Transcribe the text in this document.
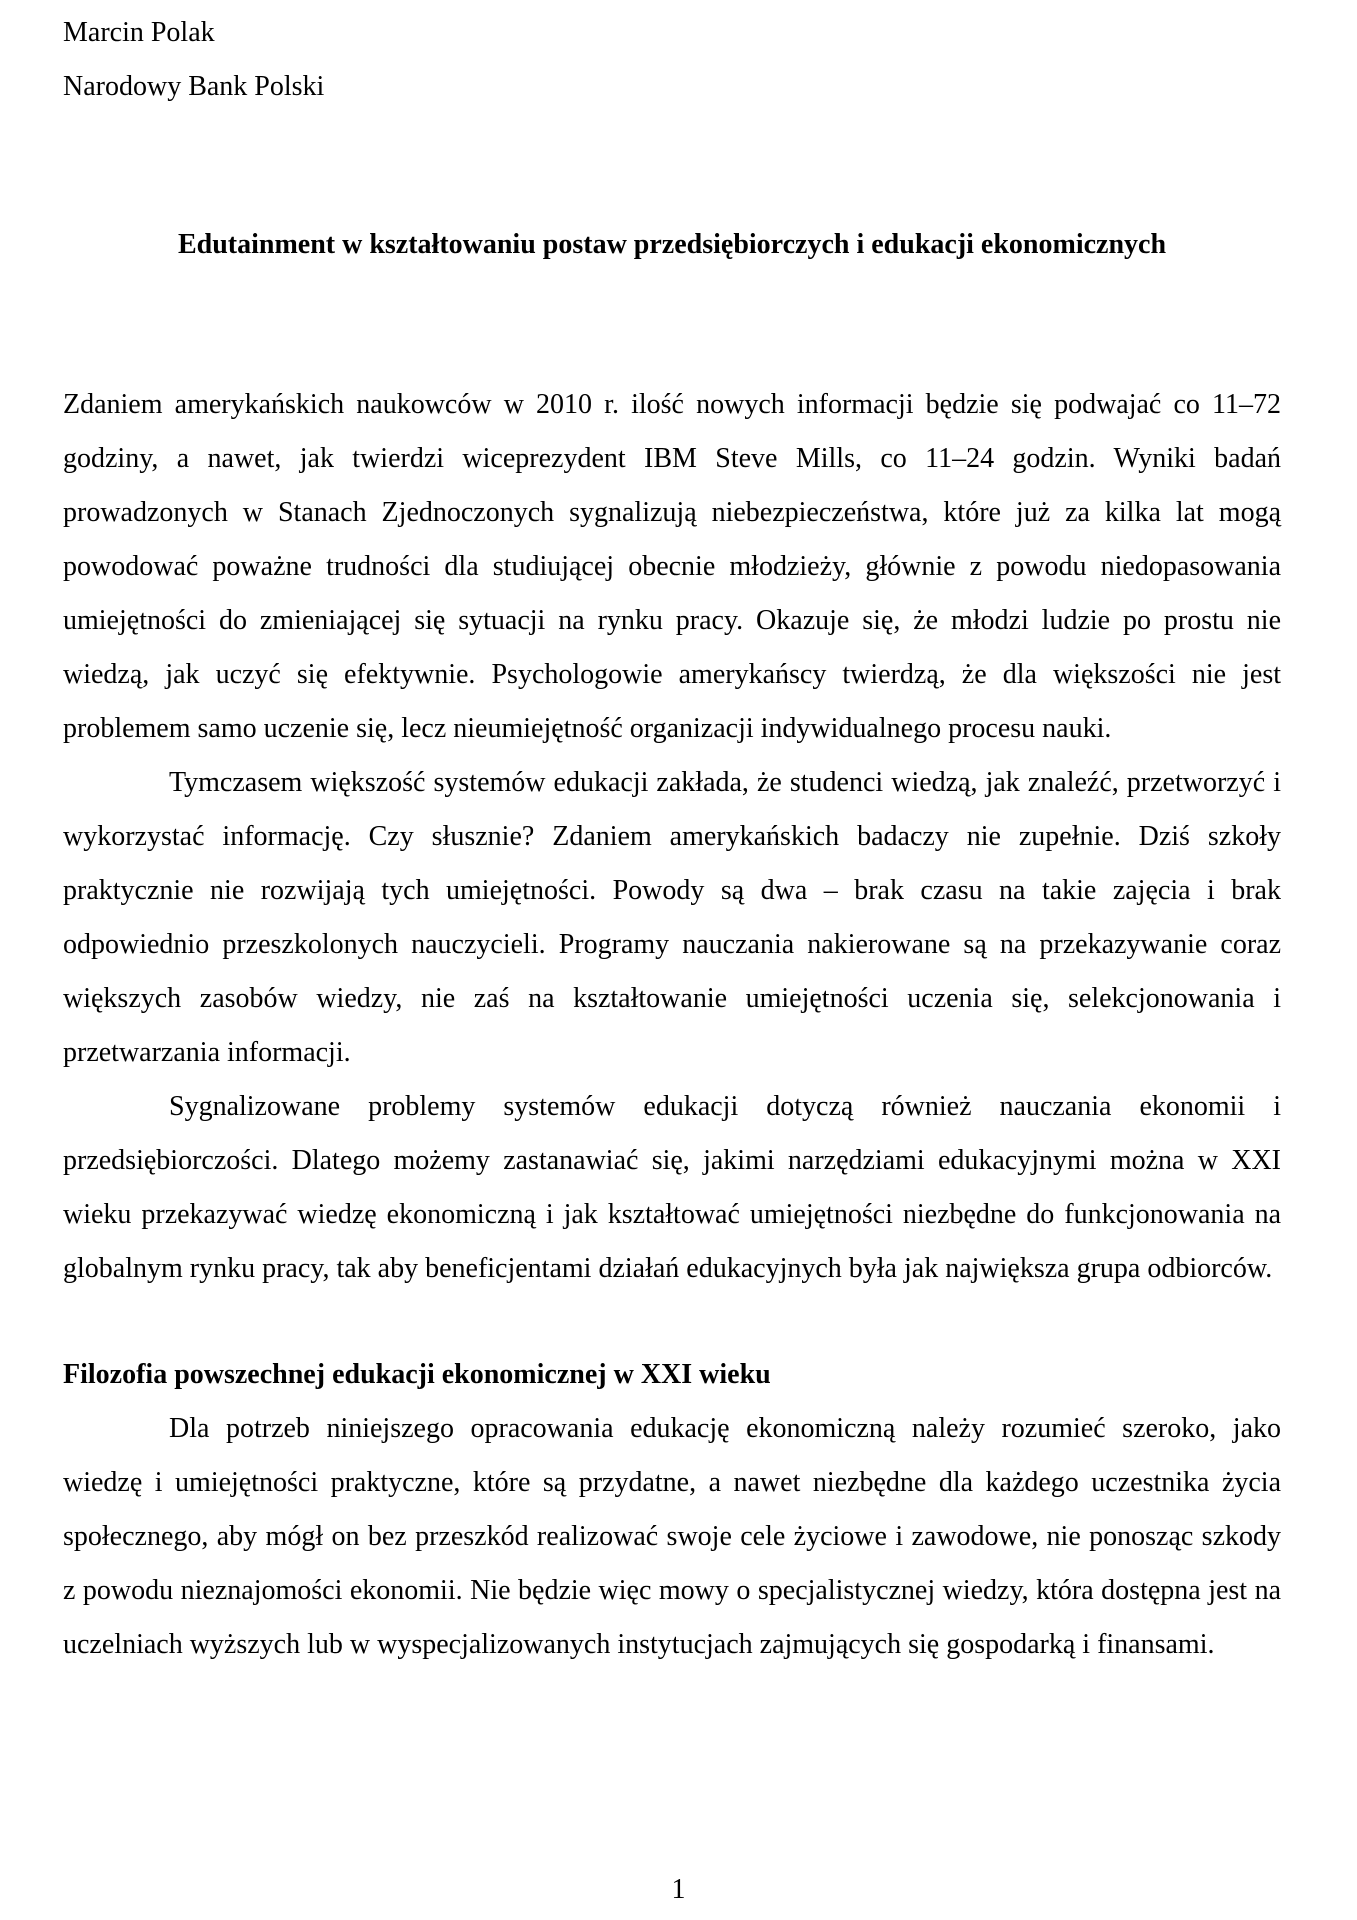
Marcin Polak

Narodowy Bank Polski

Edutainment w kształtowaniu postaw przedsiębiorczych i edukacji ekonomicznych

Zdaniem amerykańskich naukowców w 2010 r. ilość nowych informacji będzie się podwajać co 11–72 godziny, a nawet, jak twierdzi wiceprezydent IBM Steve Mills, co 11–24 godzin. Wyniki badań prowadzonych w Stanach Zjednoczonych sygnalizują niebezpieczeństwa, które już za kilka lat mogą powodować poważne trudności dla studiującej obecnie młodzieży, głównie z powodu niedopasowania umiejętności do zmieniającej się sytuacji na rynku pracy. Okazuje się, że młodzi ludzie po prostu nie wiedzą, jak uczyć się efektywnie. Psychologowie amerykańscy twierdzą, że dla większości nie jest problemem samo uczenie się, lecz nieumiejętność organizacji indywidualnego procesu nauki.

Tymczasem większość systemów edukacji zakłada, że studenci wiedzą, jak znaleźć, przetworzyć i wykorzystać informację. Czy słusznie? Zdaniem amerykańskich badaczy nie zupełnie. Dziś szkoły praktycznie nie rozwijają tych umiejętności. Powody są dwa – brak czasu na takie zajęcia i brak odpowiednio przeszkolonych nauczycieli. Programy nauczania nakierowane są na przekazywanie coraz większych zasobów wiedzy, nie zaś na kształtowanie umiejętności uczenia się, selekcjonowania i przetwarzania informacji.

Sygnalizowane problemy systemów edukacji dotyczą również nauczania ekonomii i przedsiębiorczości. Dlatego możemy zastanawiać się, jakimi narzędziami edukacyjnymi można w XXI wieku przekazywać wiedzę ekonomiczną i jak kształtować umiejętności niezbędne do funkcjonowania na globalnym rynku pracy, tak aby beneficjentami działań edukacyjnych była jak największa grupa odbiorców.

Filozofia powszechnej edukacji ekonomicznej w XXI wieku

Dla potrzeb niniejszego opracowania edukację ekonomiczną należy rozumieć szeroko, jako wiedzę i umiejętności praktyczne, które są przydatne, a nawet niezbędne dla każdego uczestnika życia społecznego, aby mógł on bez przeszkód realizować swoje cele życiowe i zawodowe, nie ponosząc szkody z powodu nieznajomości ekonomii. Nie będzie więc mowy o specjalistycznej wiedzy, która dostępna jest na uczelniach wyższych lub w wyspecjalizowanych instytucjach zajmujących się gospodarką i finansami.

1
